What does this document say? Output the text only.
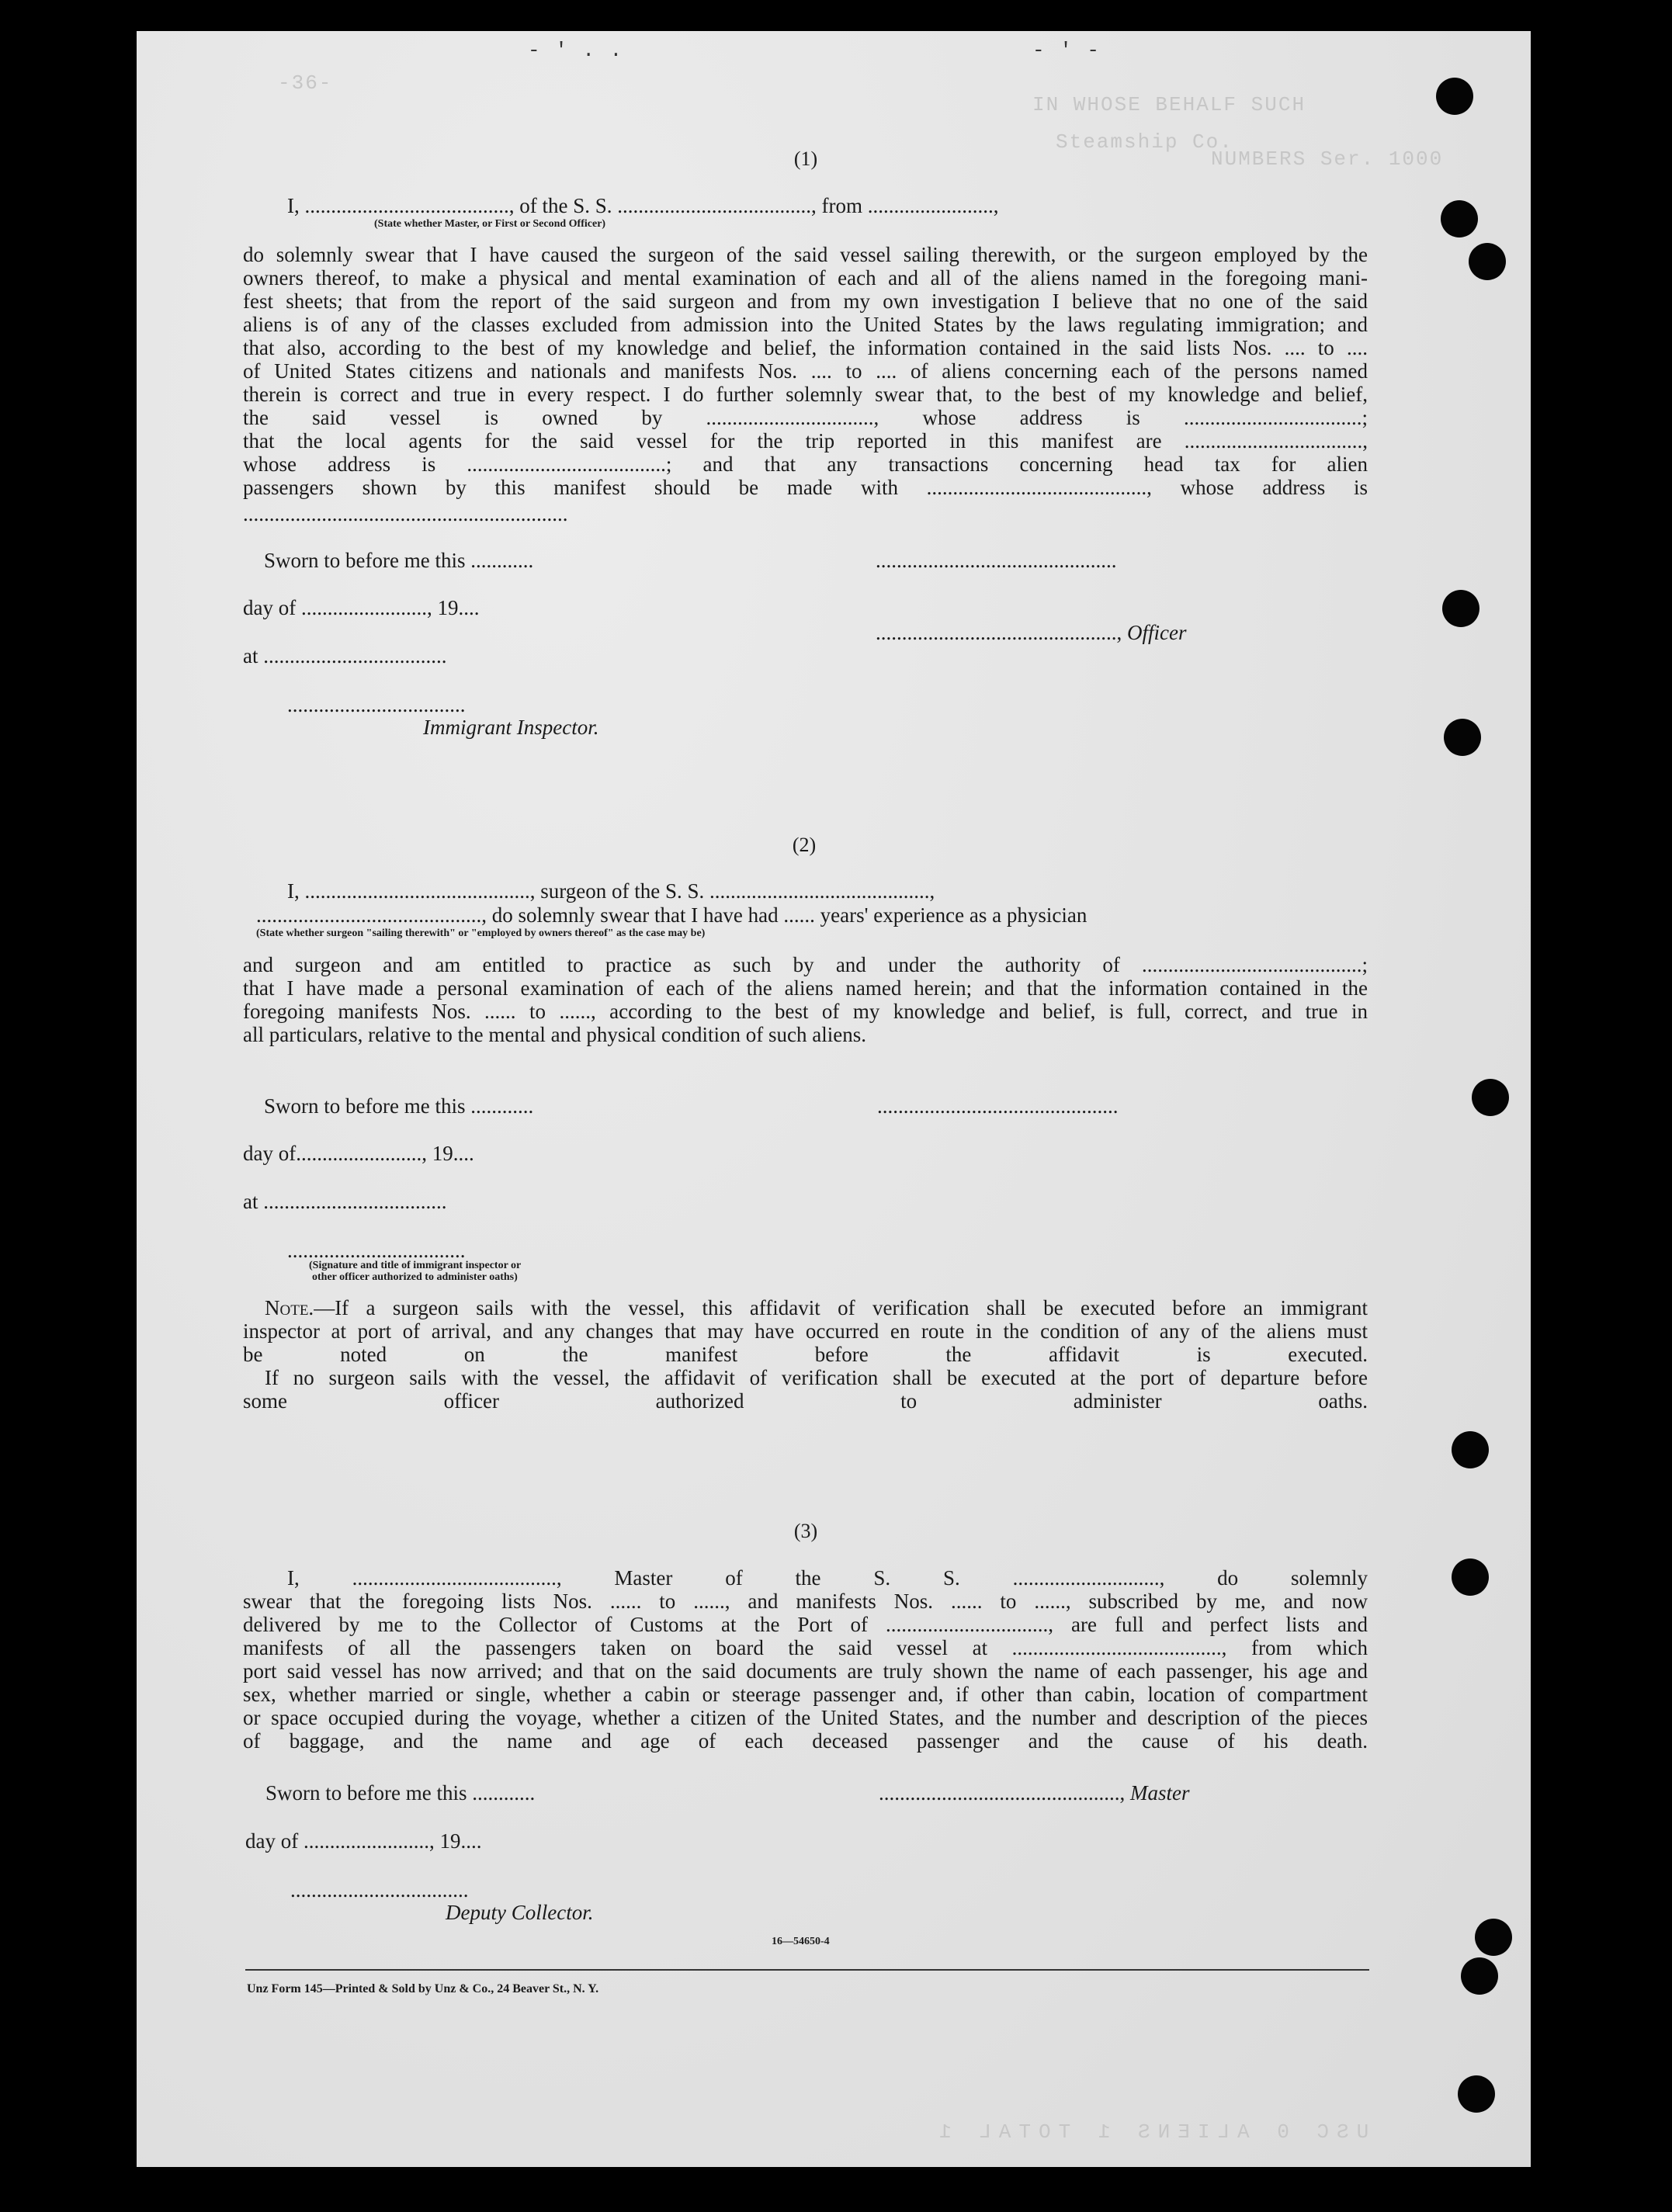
-36-
- ' . .	- ' -
IN WHOSE BEHALF SUCH
Steamship Co.
NUMBERS Ser. 1000
(1)
I, ......................................., of the S. S. ....................................., from ........................,
(State whether Master, or First or Second Officer)
do solemnly swear that I have caused the surgeon of the said vessel sailing therewith, or the surgeon employed by the
owners thereof, to make a physical and mental examination of each and all of the aliens named in the foregoing mani-
fest sheets; that from the report of the said surgeon and from my own investigation I believe that no one of the said
aliens is of any of the classes excluded from admission into the United States by the laws regulating immigration; and
that also, according to the best of my knowledge and belief, the information contained in the said lists Nos. .... to ....
of United States citizens and nationals and manifests Nos. .... to .... of aliens concerning each of the persons named
therein is correct and true in every respect. I do further solemnly swear that, to the best of my knowledge and belief,
the said vessel is owned by ................................, whose address is ..................................;
that the local agents for the said vessel for the trip reported in this manifest are ..................................,
whose address is ......................................; and that any transactions concerning head tax for alien
passengers shown by this manifest should be made with .........................................., whose address is
..............................................................
Sworn to before me this ............	..............................................
day of ........................, 19....
.............................................., Officer
at ...................................
..................................
Immigrant Inspector.
(2)
I, ..........................................., surgeon of the S. S. ..........................................,
..........................................., do solemnly swear that I have had ...... years' experience as a physician
(State whether surgeon "sailing therewith" or "employed by owners thereof" as the case may be)
and surgeon and am entitled to practice as such by and under the authority of ..........................................;
that I have made a personal examination of each of the aliens named herein; and that the information contained in the
foregoing manifests Nos. ...... to ......, according to the best of my knowledge and belief, is full, correct, and true in
all particulars, relative to the mental and physical condition of such aliens.
Sworn to before me this ............	..............................................
day of........................, 19....
at ...................................
..................................
(Signature and title of immigrant inspector or
other officer authorized to administer oaths)
Note.—If a surgeon sails with the vessel, this affidavit of verification shall be executed before an immigrant
inspector at port of arrival, and any changes that may have occurred en route in the condition of any of the aliens must
be noted on the manifest before the affidavit is executed.
If no surgeon sails with the vessel, the affidavit of verification shall be executed at the port of departure before
some officer authorized to administer oaths.
(3)
I, ......................................., Master of the S. S. ............................, do solemnly
swear that the foregoing lists Nos. ...... to ......, and manifests Nos. ...... to ......, subscribed by me, and now
delivered by me to the Collector of Customs at the Port of ..............................., are full and perfect lists and
manifests of all the passengers taken on board the said vessel at ........................................, from which
port said vessel has now arrived; and that on the said documents are truly shown the name of each passenger, his age and
sex, whether married or single, whether a cabin or steerage passenger and, if other than cabin, location of compartment
or space occupied during the voyage, whether a citizen of the United States, and the number and description of the pieces
of baggage, and the name and age of each deceased passenger and the cause of his death.
Sworn to before me this ............	.............................................., Master
day of ........................, 19....
..................................
Deputy Collector.
16—54650-4
Unz Form 145—Printed & Sold by Unz & Co., 24 Beaver St., N. Y.
USC 0 ALIENS 1 TOTAL 1
